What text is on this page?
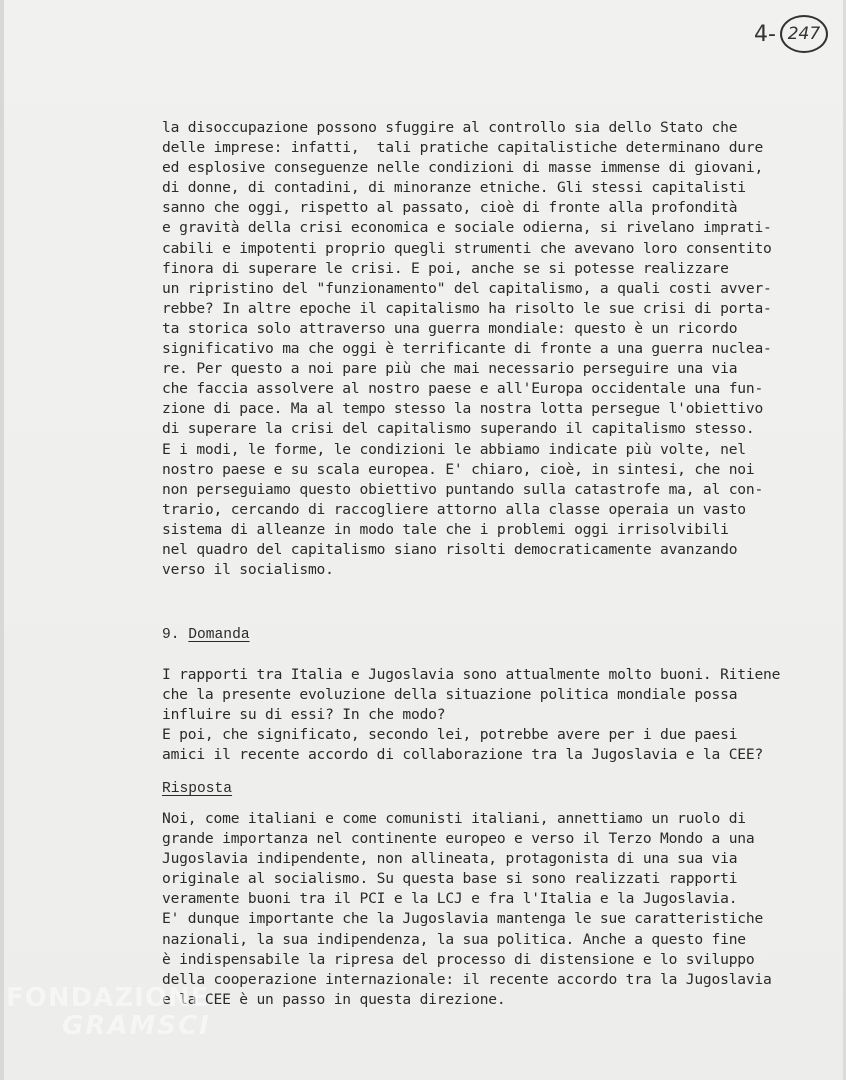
4- 247
la disoccupazione possono sfuggire al controllo sia dello Stato che
delle imprese: infatti,  tali pratiche capitalistiche determinano dure
ed esplosive conseguenze nelle condizioni di masse immense di giovani,
di donne, di contadini, di minoranze etniche. Gli stessi capitalisti
sanno che oggi, rispetto al passato, cioè di fronte alla profondità
e gravità della crisi economica e sociale odierna, si rivelano imprati-
cabili e impotenti proprio quegli strumenti che avevano loro consentito
finora di superare le crisi. E poi, anche se si potesse realizzare
un ripristino del "funzionamento" del capitalismo, a quali costi avver-
rebbe? In altre epoche il capitalismo ha risolto le sue crisi di porta-
ta storica solo attraverso una guerra mondiale: questo è un ricordo
significativo ma che oggi è terrificante di fronte a una guerra nuclea-
re. Per questo a noi pare più che mai necessario perseguire una via
che faccia assolvere al nostro paese e all'Europa occidentale una fun-
zione di pace. Ma al tempo stesso la nostra lotta persegue l'obiettivo
di superare la crisi del capitalismo superando il capitalismo stesso.
E i modi, le forme, le condizioni le abbiamo indicate più volte, nel
nostro paese e su scala europea. E' chiaro, cioè, in sintesi, che noi
non perseguiamo questo obiettivo puntando sulla catastrofe ma, al con-
trario, cercando di raccogliere attorno alla classe operaia un vasto
sistema di alleanze in modo tale che i problemi oggi irrisolvibili
nel quadro del capitalismo siano risolti democraticamente avanzando
verso il socialismo.
9. Domanda
I rapporti tra Italia e Jugoslavia sono attualmente molto buoni. Ritiene
che la presente evoluzione della situazione politica mondiale possa
influire su di essi? In che modo?
E poi, che significato, secondo lei, potrebbe avere per i due paesi
amici il recente accordo di collaborazione tra la Jugoslavia e la CEE?
Risposta
Noi, come italiani e come comunisti italiani, annettiamo un ruolo di
grande importanza nel continente europeo e verso il Terzo Mondo a una
Jugoslavia indipendente, non allineata, protagonista di una sua via
originale al socialismo. Su questa base si sono realizzati rapporti
veramente buoni tra il PCI e la LCJ e fra l'Italia e la Jugoslavia.
E' dunque importante che la Jugoslavia mantenga le sue caratteristiche
nazionali, la sua indipendenza, la sua politica. Anche a questo fine
è indispensabile la ripresa del processo di distensione e lo sviluppo
della cooperazione internazionale: il recente accordo tra la Jugoslavia
e la CEE è un passo in questa direzione.
FONDAZIONE
GRAMSCI
